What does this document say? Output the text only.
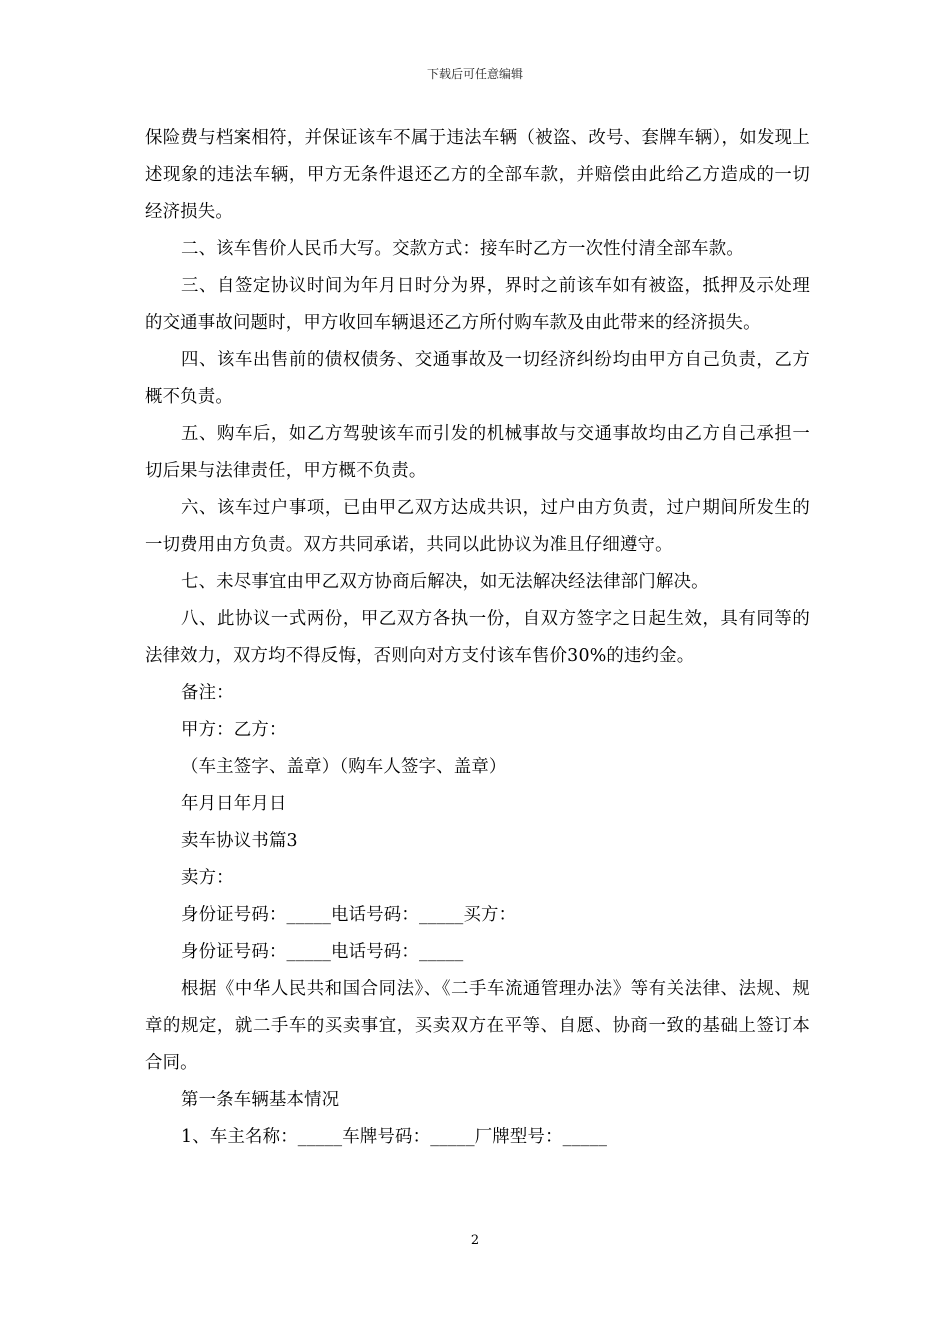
下载后可任意编辑

保险费与档案相符，并保证该车不属于违法车辆（被盗、改号、套牌车辆），如发现上述现象的违法车辆，甲方无条件退还乙方的全部车款，并赔偿由此给乙方造成的一切经济损失。

二、该车售价人民币大写。交款方式：接车时乙方一次性付清全部车款。

三、自签定协议时间为年月日时分为界，界时之前该车如有被盗，抵押及示处理的交通事故问题时，甲方收回车辆退还乙方所付购车款及由此带来的经济损失。

四、该车出售前的债权债务、交通事故及一切经济纠纷均由甲方自己负责，乙方概不负责。

五、购车后，如乙方驾驶该车而引发的机械事故与交通事故均由乙方自己承担一切后果与法律责任，甲方概不负责。

六、该车过户事项，已由甲乙双方达成共识，过户由方负责，过户期间所发生的一切费用由方负责。双方共同承诺，共同以此协议为准且仔细遵守。

七、未尽事宜由甲乙双方协商后解决，如无法解决经法律部门解决。

八、此协议一式两份，甲乙双方各执一份，自双方签字之日起生效，具有同等的法律效力，双方均不得反悔，否则向对方支付该车售价30%的违约金。

备注：

甲方：乙方：

（车主签字、盖章）（购车人签字、盖章）

年月日年月日

卖车协议书篇3

卖方：

身份证号码：_____电话号码：_____买方：

身份证号码：_____电话号码：_____

根据《中华人民共和国合同法》、《二手车流通管理办法》等有关法律、法规、规章的规定，就二手车的买卖事宜，买卖双方在平等、自愿、协商一致的基础上签订本合同。

第一条车辆基本情况

1、车主名称：_____车牌号码：_____厂牌型号：_____

2
